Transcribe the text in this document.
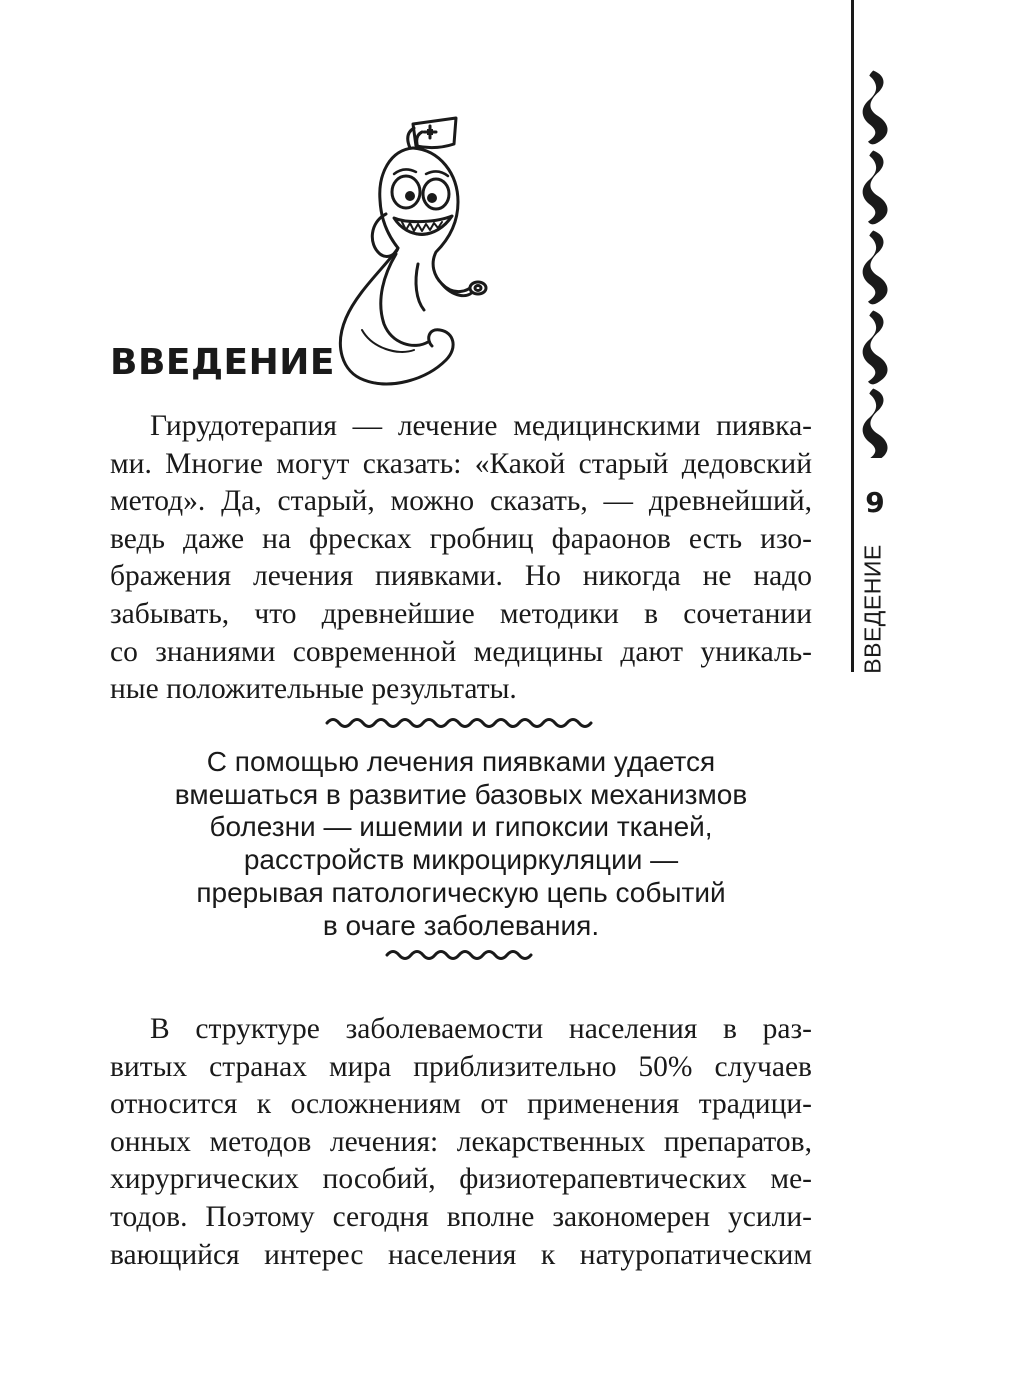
9
ВВЕДЕНИЕ
ВВЕДЕНИЕ

Гирудотерапия — лечение медицинскими пиявка-
ми. Многие могут сказать: «Какой старый дедовский
метод». Да, старый, можно сказать, — древнейший,
ведь даже на фресках гробниц фараонов есть изо-
бражения лечения пиявками. Но никогда не надо
забывать, что древнейшие методики в сочетании
со знаниями современной медицины дают уникаль-
ные положительные результаты.

С помощью лечения пиявками удается
вмешаться в развитие базовых механизмов
болезни — ишемии и гипоксии тканей,
расстройств микроциркуляции —
прерывая патологическую цепь событий
в очаге заболевания.

В структуре заболеваемости населения в раз-
витых странах мира приблизительно 50% случаев
относится к осложнениям от применения традици-
онных методов лечения: лекарственных препаратов,
хирургических пособий, физиотерапевтических ме-
тодов. Поэтому сегодня вполне закономерен усили-
вающийся интерес населения к натуропатическим
